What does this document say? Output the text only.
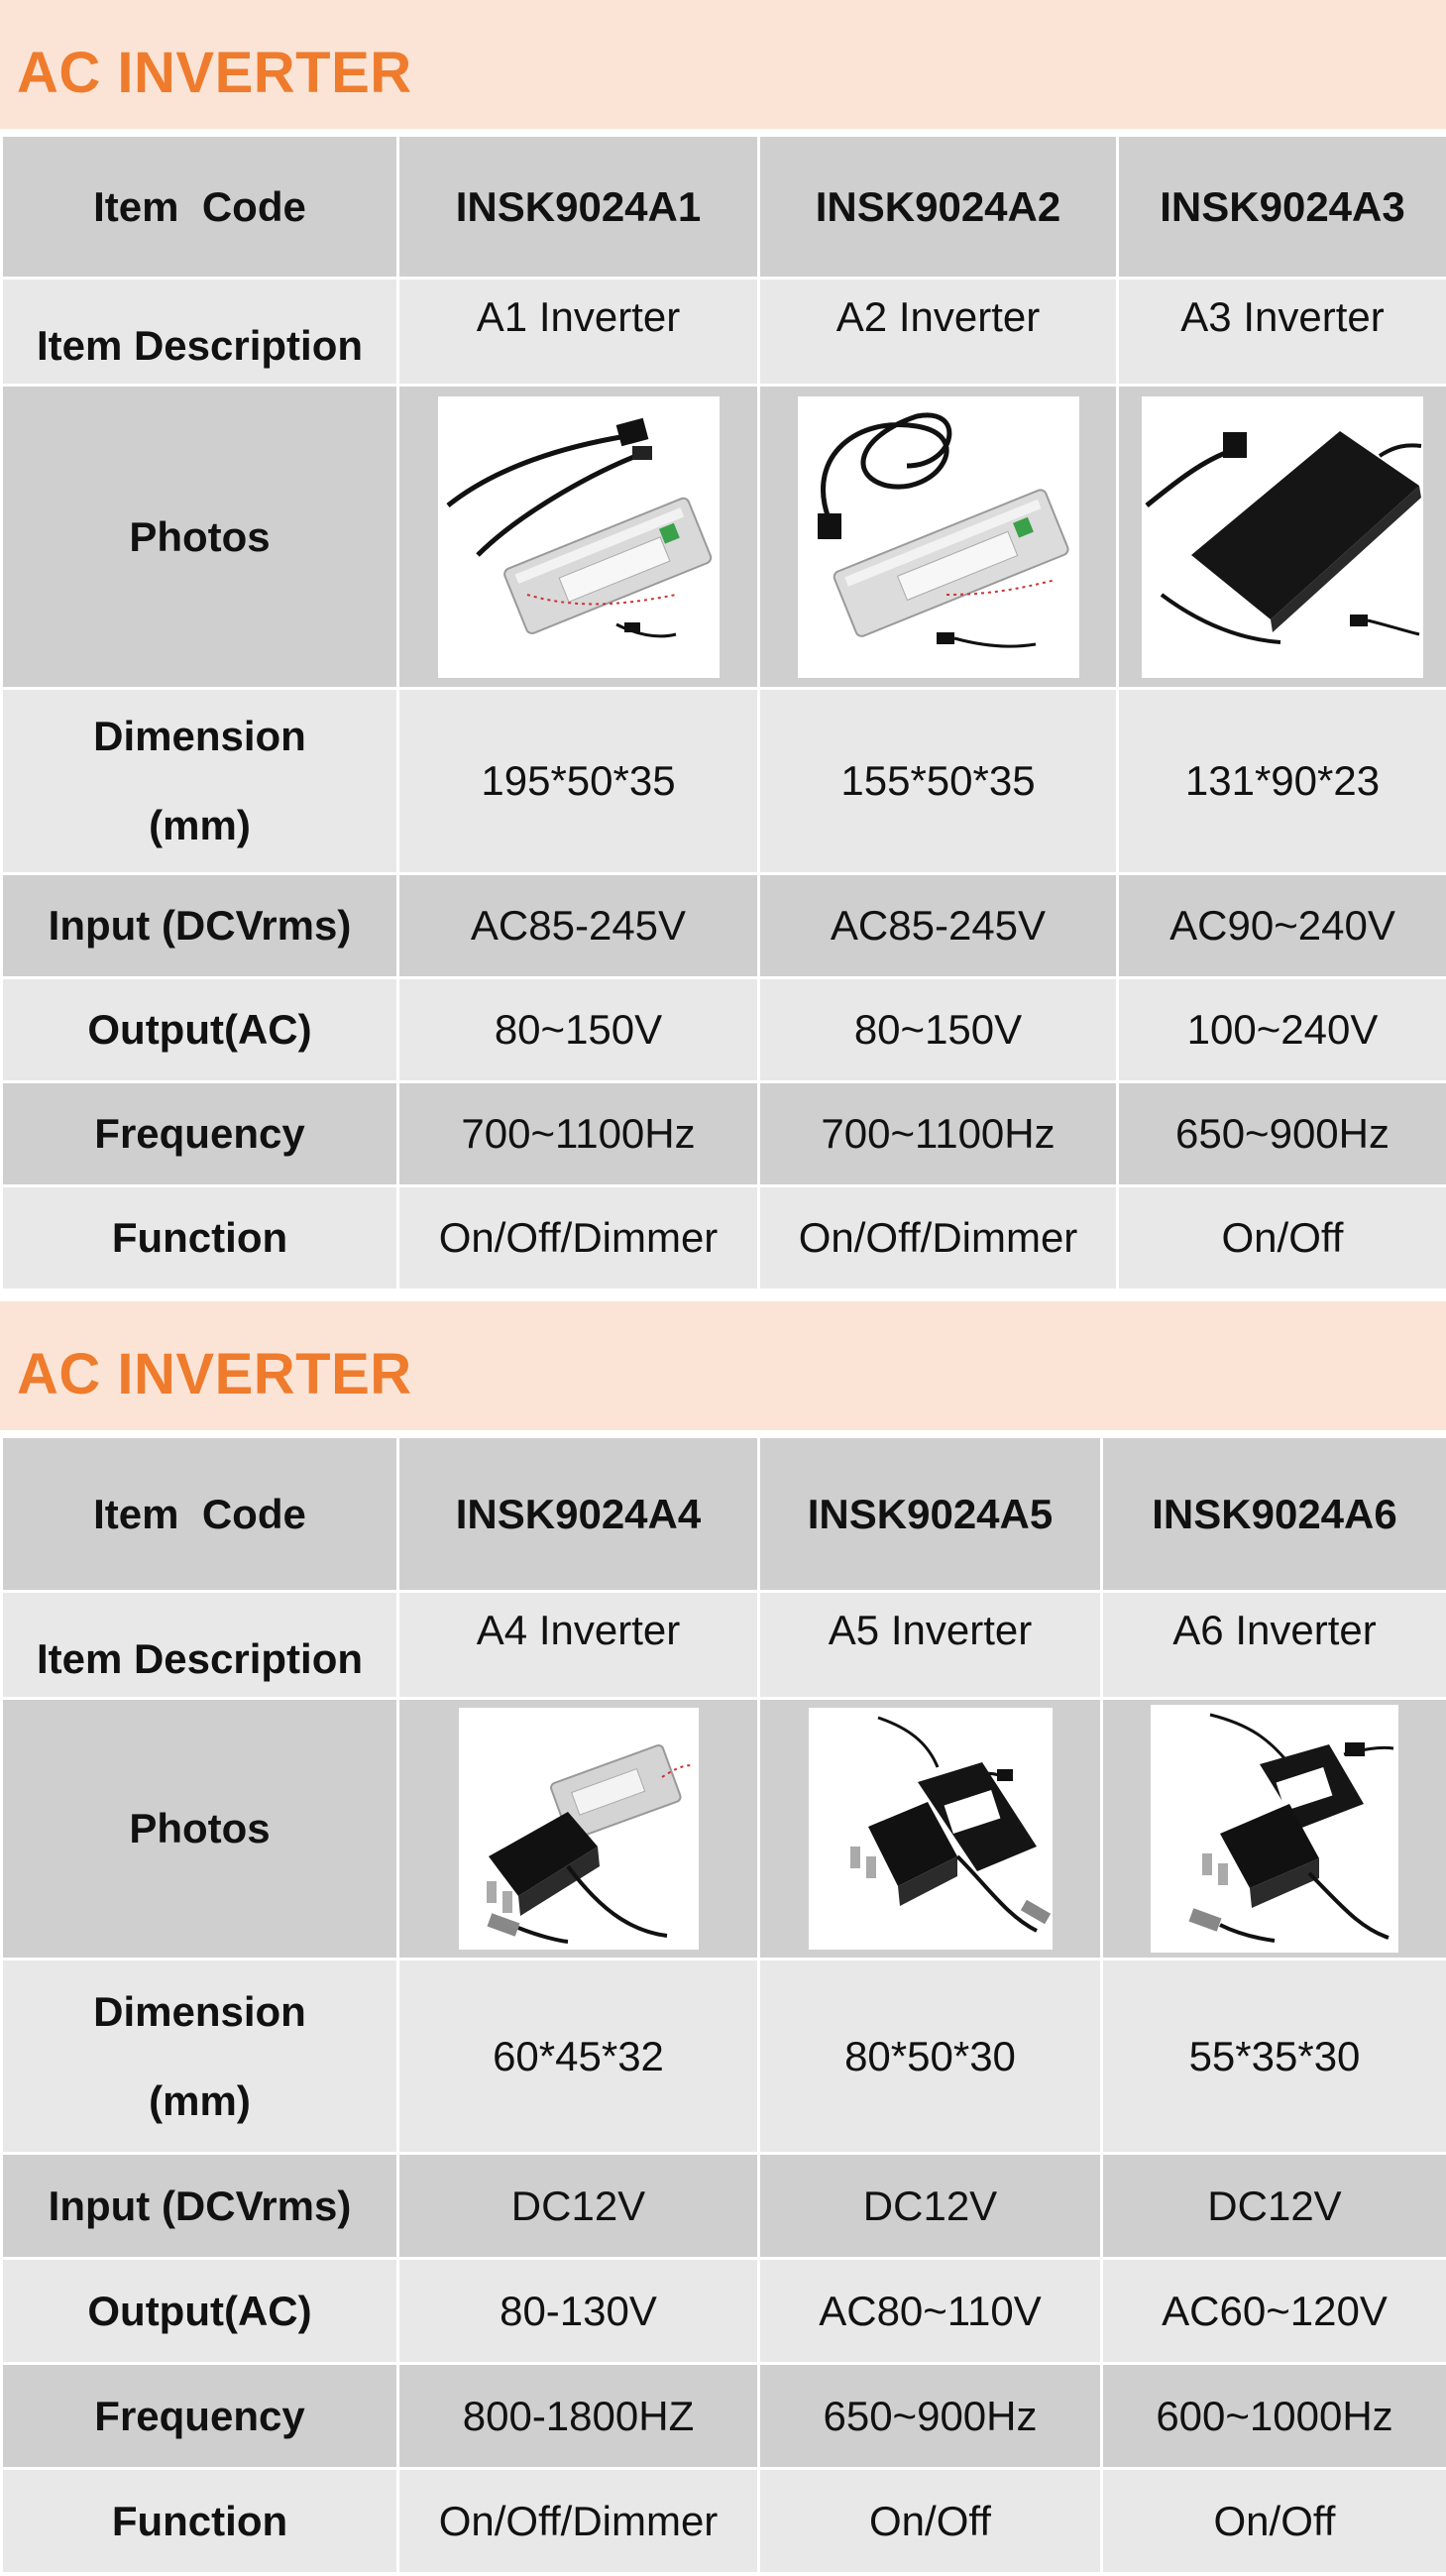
AC INVERTER
Item  Code	INSK9024A1	INSK9024A2	INSK9024A3
Item Description	A1 Inverter	A2 Inverter	A3 Inverter
Photos	

Dimension
(mm)	195*50*35	155*50*35	131*90*23
Input (DCVrms)	AC85-245V	AC85-245V	AC90~240V
Output(AC)	80~150V	80~150V	100~240V
Frequency	700~1100Hz	700~1100Hz	650~900Hz
Function	On/Off/Dimmer	On/Off/Dimmer	On/Off
AC INVERTER
Item  Code	INSK9024A4	INSK9024A5	INSK9024A6
Item Description	A4 Inverter	A5 Inverter	A6 Inverter
Photos	

Dimension
(mm)	60*45*32	80*50*30	55*35*30
Input (DCVrms)	DC12V	DC12V	DC12V
Output(AC)	80-130V	AC80~110V	AC60~120V
Frequency	800-1800HZ	650~900Hz	600~1000Hz
Function	On/Off/Dimmer	On/Off	On/Off
